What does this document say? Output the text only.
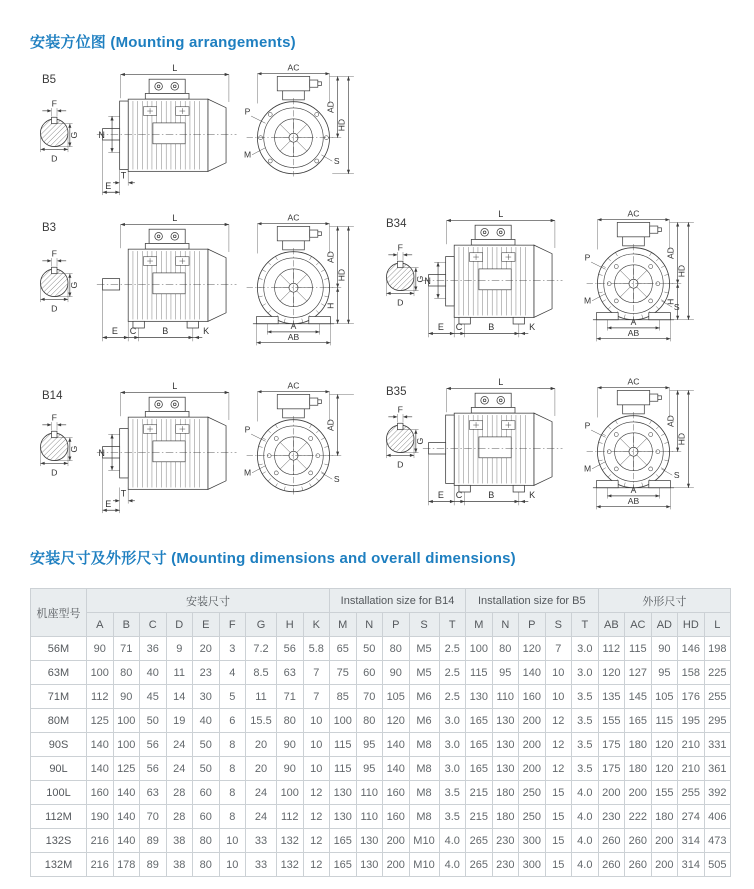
安装方位图 (Mounting arrangements)
B5
F
G
D
L
N
T
E
AC
AD
HD
P
M
S
B3
F
G
D
L
E C	B	K
AC
AD
HD
H
A
AB
B34
F
G
D
L
N
E C	B	K
AC
AD
HD
H
P
M
S
A
AB
B14
F
G
D
L
N
T
E
AC
AD
P
M
S
B35
F
G
D
L
E C	B	K
AC
AD
HD
P
M
S
A
AB
安装尺寸及外形尺寸 (Mounting dimensions and overall dimensions)
机座型号	安装尺寸									Installation size for B14					Installation size for B5					外形尺寸				
	A	B	C	D	E	F	G	H	K	M	N	P	S	T	M	N	P	S	T	AB	AC	AD	HD	L
56M	90	71	36	9	20	3	7.2	56	5.8	65	50	80	M5	2.5	100	80	120	7	3.0	112	115	90	146	198
63M	100	80	40	11	23	4	8.5	63	7	75	60	90	M5	2.5	115	95	140	10	3.0	120	127	95	158	225
71M	112	90	45	14	30	5	11	71	7	85	70	105	M6	2.5	130	110	160	10	3.5	135	145	105	176	255
80M	125	100	50	19	40	6	15.5	80	10	100	80	120	M6	3.0	165	130	200	12	3.5	155	165	115	195	295
90S	140	100	56	24	50	8	20	90	10	115	95	140	M8	3.0	165	130	200	12	3.5	175	180	120	210	331
90L	140	125	56	24	50	8	20	90	10	115	95	140	M8	3.0	165	130	200	12	3.5	175	180	120	210	361
100L	160	140	63	28	60	8	24	100	12	130	110	160	M8	3.5	215	180	250	15	4.0	200	200	155	255	392
112M	190	140	70	28	60	8	24	112	12	130	110	160	M8	3.5	215	180	250	15	4.0	230	222	180	274	406
132S	216	140	89	38	80	10	33	132	12	165	130	200	M10	4.0	265	230	300	15	4.0	260	260	200	314	473
132M	216	178	89	38	80	10	33	132	12	165	130	200	M10	4.0	265	230	300	15	4.0	260	260	200	314	505
